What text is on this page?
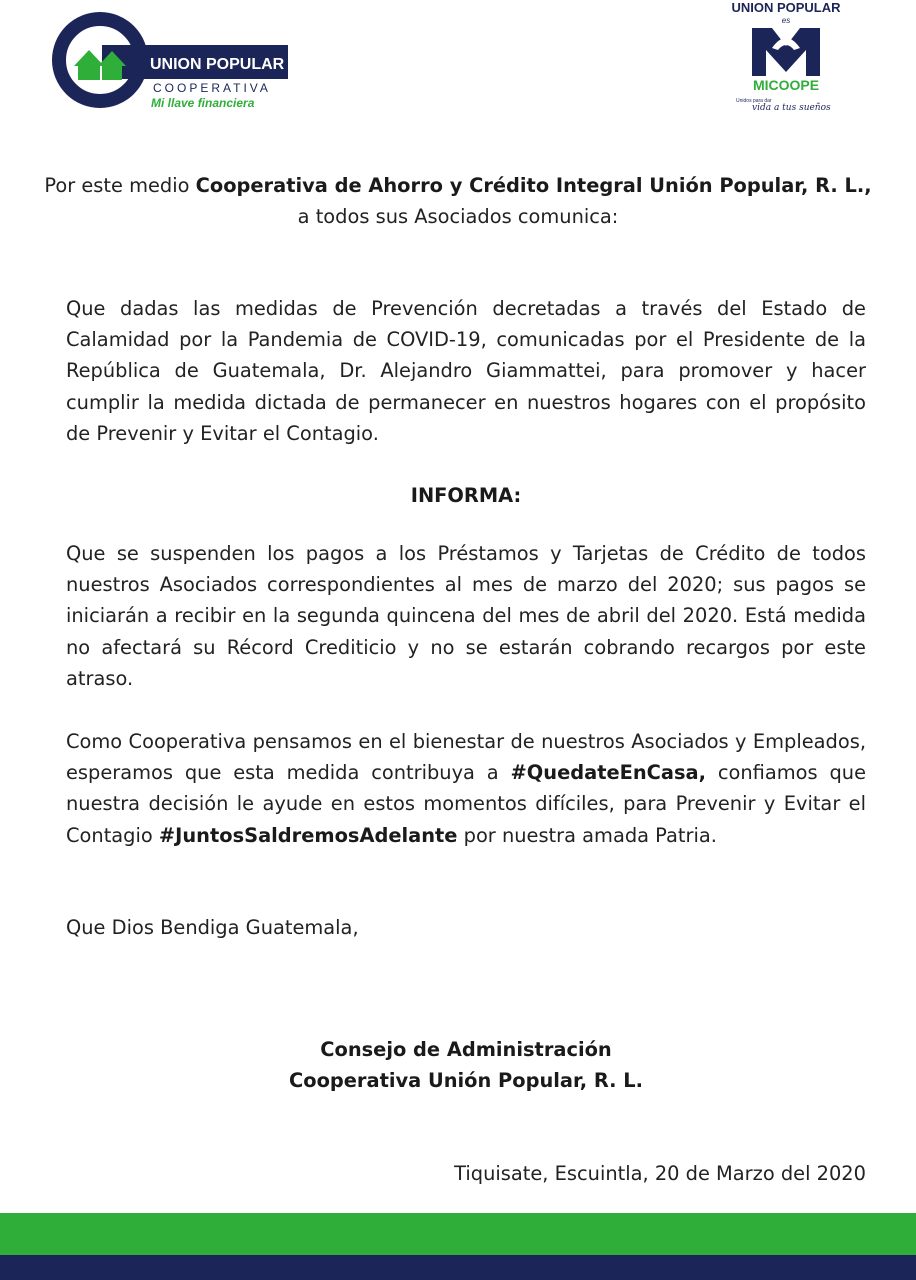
UNION POPULAR
COOPERATIVA
Mi llave financiera
UNION POPULAR
es
MICOOPE
Unidos para dar
vida a tus sueños

Por este medio Cooperativa de Ahorro y Crédito Integral Unión Popular, R. L.,
a todos sus Asociados comunica:

Que dadas las medidas de Prevención decretadas a través del Estado de Calamidad por la Pandemia de COVID-19, comunicadas por el Presidente de la República de Guatemala, Dr. Alejandro Giammattei, para promover y hacer cumplir la medida dictada de permanecer en nuestros hogares con el propósito de Prevenir y Evitar el Contagio.

INFORMA:

Que se suspenden los pagos a los Préstamos y Tarjetas de Crédito de todos nuestros Asociados correspondientes al mes de marzo del 2020; sus pagos se iniciarán a recibir en la segunda quincena del mes de abril del 2020. Está medida no afectará su Récord Crediticio y no se estarán cobrando recargos por este atraso.

Como Cooperativa pensamos en el bienestar de nuestros Asociados y Empleados, esperamos que esta medida contribuya a #QuedateEnCasa, confiamos que nuestra decisión le ayude en estos momentos difíciles, para Prevenir y Evitar el Contagio #JuntosSaldremosAdelante por nuestra amada Patria.

Que Dios Bendiga Guatemala,

Consejo de Administración
Cooperativa Unión Popular, R. L.

Tiquisate, Escuintla, 20 de Marzo del 2020
